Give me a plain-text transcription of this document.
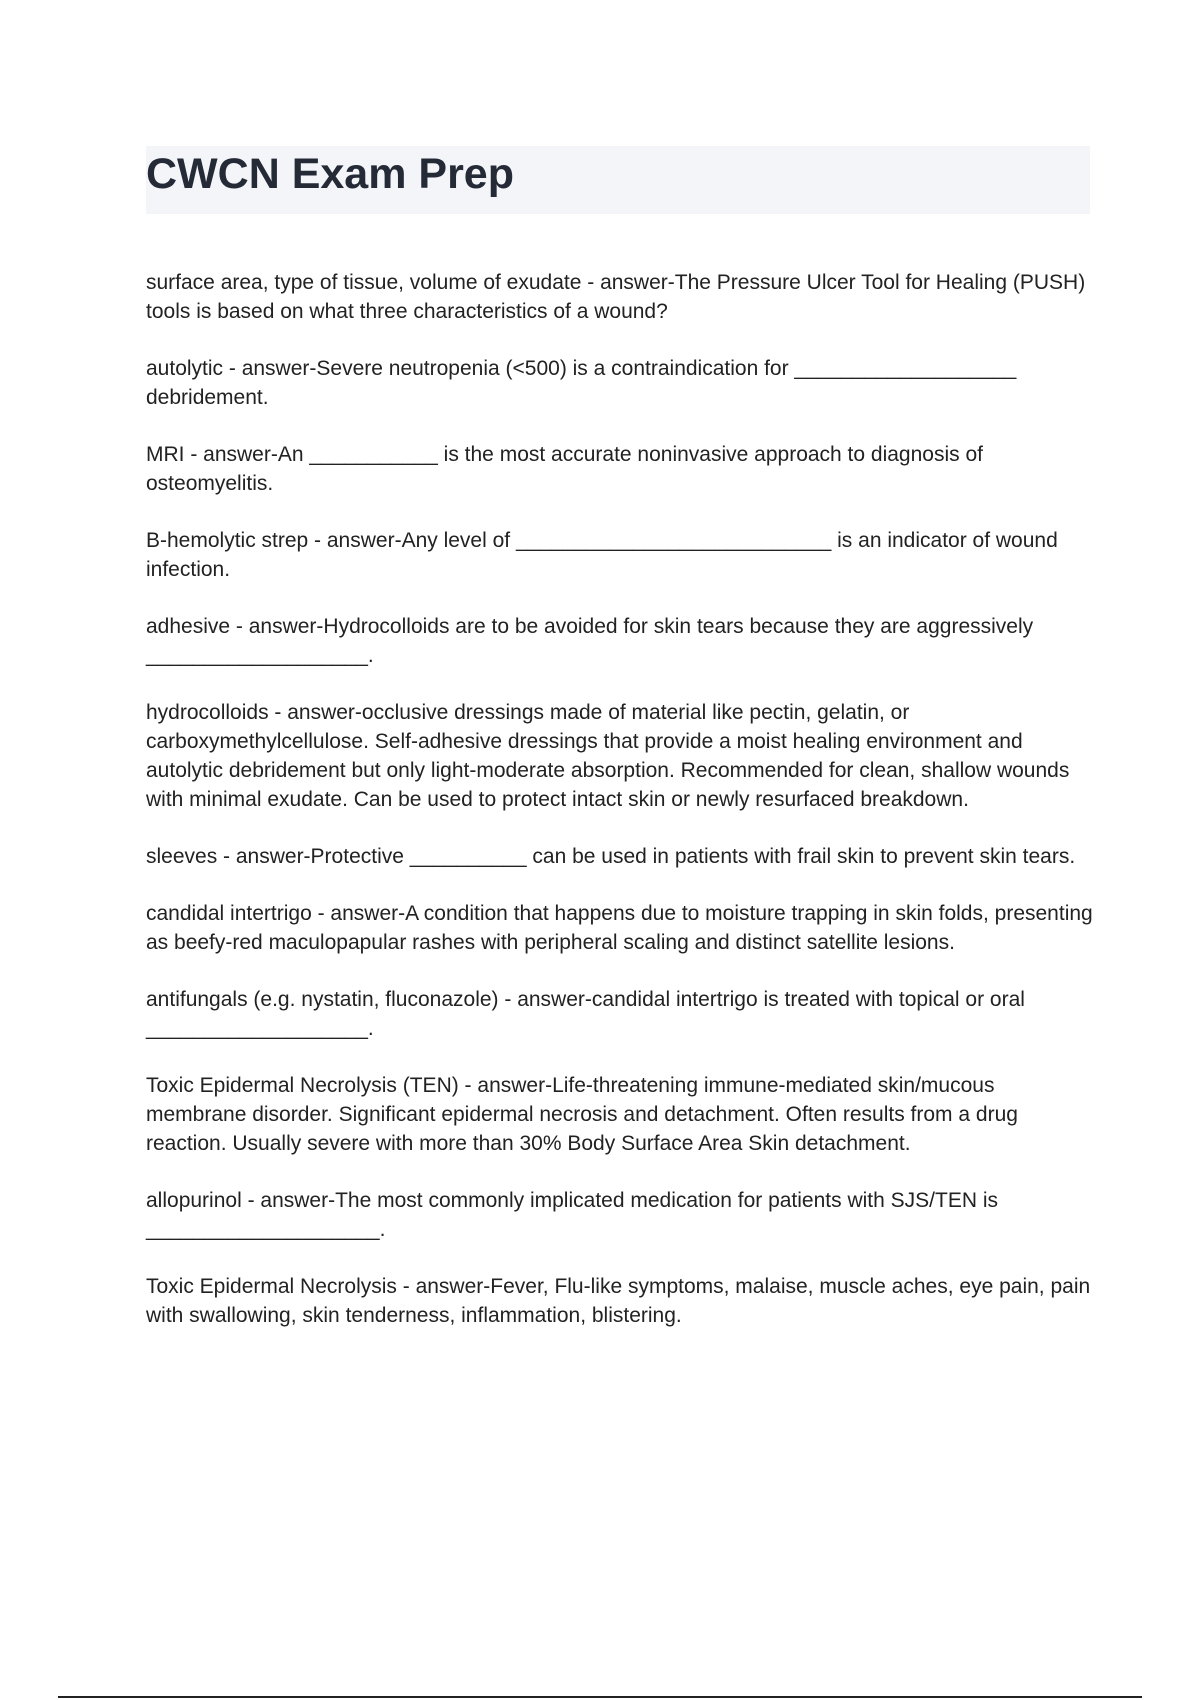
CWCN Exam Prep

surface area, type of tissue, volume of exudate - answer-The Pressure Ulcer Tool for Healing (PUSH) tools is based on what three characteristics of a wound?

autolytic - answer-Severe neutropenia (<500) is a contraindication for ___________________ debridement.

MRI - answer-An ___________ is the most accurate noninvasive approach to diagnosis of osteomyelitis.

B-hemolytic strep - answer-Any level of ___________________________ is an indicator of wound infection.

adhesive - answer-Hydrocolloids are to be avoided for skin tears because they are aggressively ___________________.

hydrocolloids - answer-occlusive dressings made of material like pectin, gelatin, or carboxymethylcellulose. Self-adhesive dressings that provide a moist healing environment and autolytic debridement but only light-moderate absorption. Recommended for clean, shallow wounds with minimal exudate. Can be used to protect intact skin or newly resurfaced breakdown.

sleeves - answer-Protective __________ can be used in patients with frail skin to prevent skin tears.

candidal intertrigo - answer-A condition that happens due to moisture trapping in skin folds, presenting as beefy-red maculopapular rashes with peripheral scaling and distinct satellite lesions.

antifungals (e.g. nystatin, fluconazole) - answer-candidal intertrigo is treated with topical or oral ___________________.

Toxic Epidermal Necrolysis (TEN) - answer-Life-threatening immune-mediated skin/mucous membrane disorder. Significant epidermal necrosis and detachment. Often results from a drug reaction. Usually severe with more than 30% Body Surface Area Skin detachment.

allopurinol - answer-The most commonly implicated medication for patients with SJS/TEN is ____________________.

Toxic Epidermal Necrolysis - answer-Fever, Flu-like symptoms, malaise, muscle aches, eye pain, pain with swallowing, skin tenderness, inflammation, blistering.
